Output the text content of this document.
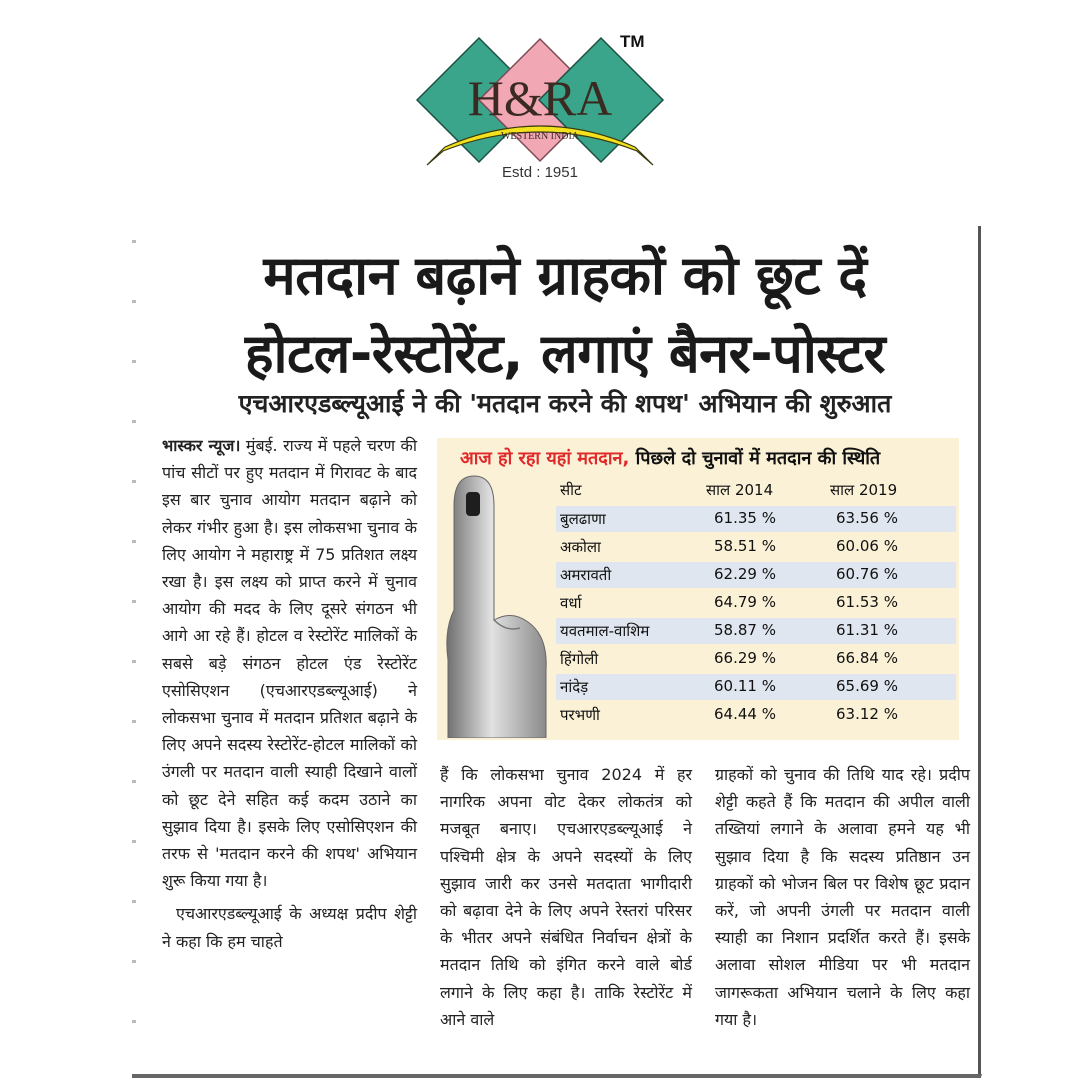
H&RA
WESTERN INDIA
TM
Estd : 1951
मतदान बढ़ाने ग्राहकों को छूट दें
होटल-रेस्टोरेंट, लगाएं बैनर-पोस्टर
एचआरएडब्ल्यूआई ने की 'मतदान करने की शपथ' अभियान की शुरुआत

भास्कर न्यूज। मुंबई. राज्य में पहले चरण की पांच सीटों पर हुए मतदान में गिरावट के बाद इस बार चुनाव आयोग मतदान बढ़ाने को लेकर गंभीर हुआ है। इस लोकसभा चुनाव के लिए आयोग ने महाराष्ट्र में 75 प्रतिशत लक्ष्य रखा है। इस लक्ष्य को प्राप्त करने में चुनाव आयोग की मदद के लिए दूसरे संगठन भी आगे आ रहे हैं। होटल व रेस्टोरेंट मालिकों के सबसे बड़े संगठन होटल एंड रेस्टोरेंट एसोसिएशन (एचआरएडब्ल्यूआई) ने लोकसभा चुनाव में मतदान प्रतिशत बढ़ाने के लिए अपने सदस्य रेस्टोरेंट-होटल मालिकों को उंगली पर मतदान वाली स्याही दिखाने वालों को छूट देने सहित कई कदम उठाने का सुझाव दिया है। इसके लिए एसोसिएशन की तरफ से 'मतदान करने की शपथ' अभियान शुरू किया गया है।

एचआरएडब्ल्यूआई के अध्यक्ष प्रदीप शेट्टी ने कहा कि हम चाहते

आज हो रहा यहां मतदान, पिछले दो चुनावों में मतदान की स्थिति
सीट	साल 2014	साल 2019
बुलढाणा	61.35 %	63.56 %
अकोला	58.51 %	60.06 %
अमरावती	62.29 %	60.76 %
वर्धा	64.79 %	61.53 %
यवतमाल-वाशिम	58.87 %	61.31 %
हिंगोली	66.29 %	66.84 %
नांदेड़	60.11 %	65.69 %
परभणी	64.44 %	63.12 %
हैं कि लोकसभा चुनाव 2024 में हर नागरिक अपना वोट देकर लोकतंत्र को मजबूत बनाए। एचआरएडब्ल्यूआई ने पश्चिमी क्षेत्र के अपने सदस्यों के लिए सुझाव जारी कर उनसे मतदाता भागीदारी को बढ़ावा देने के लिए अपने रेस्तरां परिसर के भीतर अपने संबंधित निर्वाचन क्षेत्रों के मतदान तिथि को इंगित करने वाले बोर्ड लगाने के लिए कहा है। ताकि रेस्टोरेंट में आने वाले
ग्राहकों को चुनाव की तिथि याद रहे। प्रदीप शेट्टी कहते हैं कि मतदान की अपील वाली तख्तियां लगाने के अलावा हमने यह भी सुझाव दिया है कि सदस्य प्रतिष्ठान उन ग्राहकों को भोजन बिल पर विशेष छूट प्रदान करें, जो अपनी उंगली पर मतदान वाली स्याही का निशान प्रदर्शित करते हैं। इसके अलावा सोशल मीडिया पर भी मतदान जागरूकता अभियान चलाने के लिए कहा गया है।
